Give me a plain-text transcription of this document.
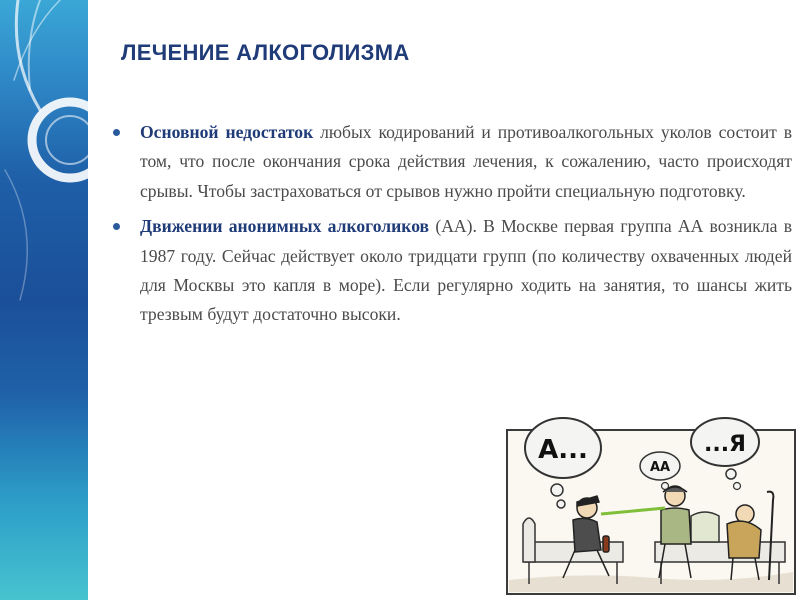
ЛЕЧЕНИЕ АЛКОГОЛИЗМА
Основной недостаток любых кодирований и противоалкогольных уколов состоит в том, что после окончания срока действия лечения, к сожалению, часто происходят срывы. Чтобы застраховаться от срывов нужно пройти специальную подготовку.
Движении анонимных алкоголиков (АА). В Москве первая группа АА возникла в 1987 году. Сейчас действует около тридцати групп (по количеству охваченных людей для Москвы это капля в море). Если регулярно ходить на занятия, то шансы жить трезвым будут достаточно высоки.
А...
АА
...Я
